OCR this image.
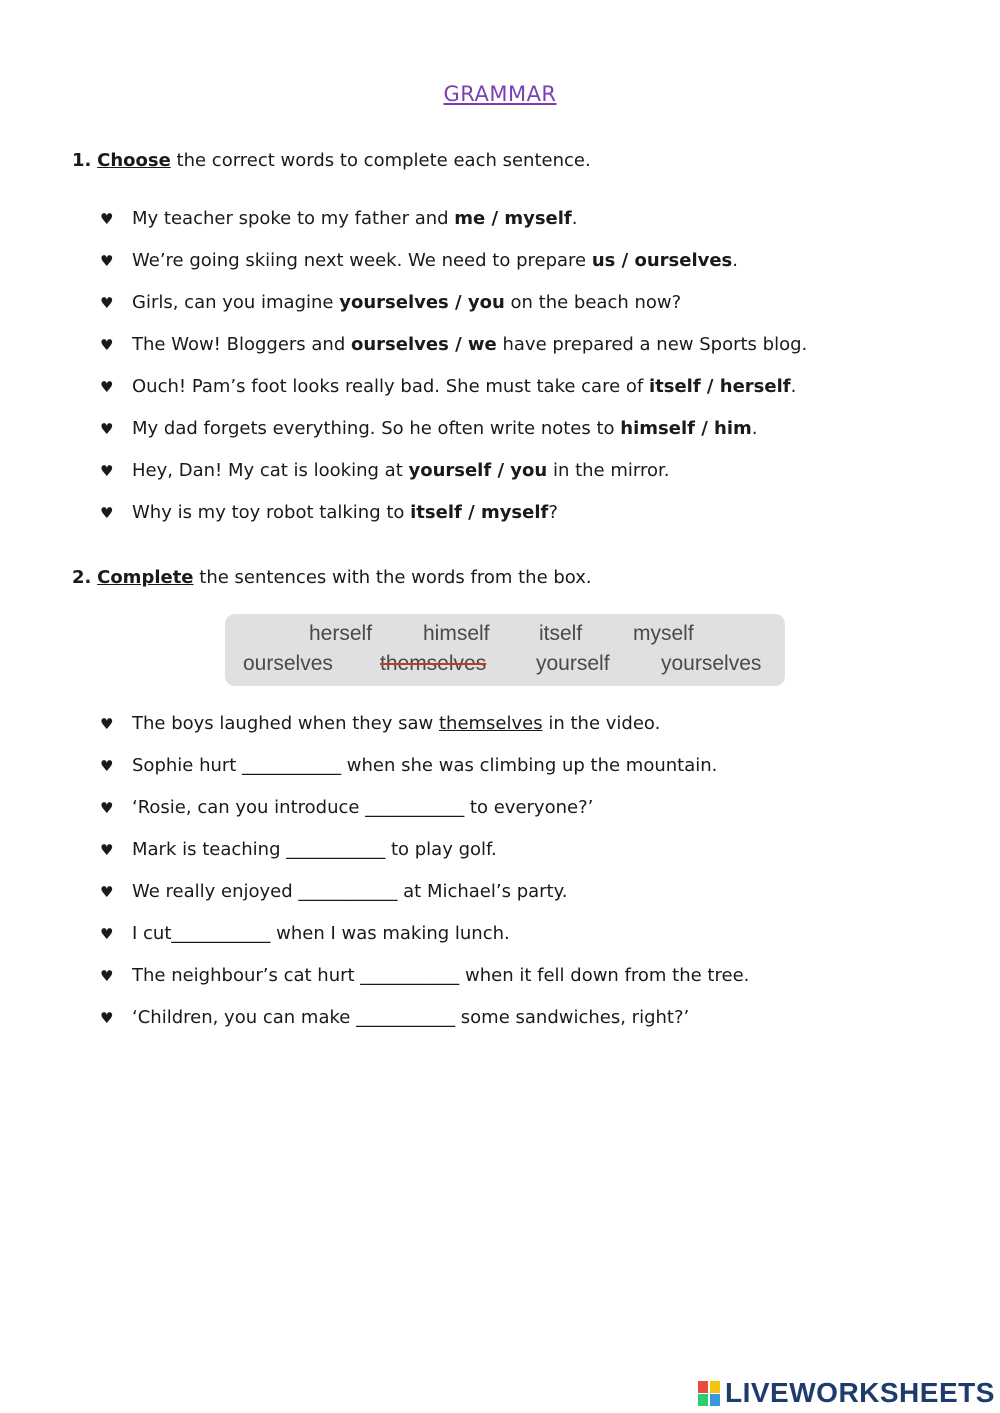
GRAMMAR
1. Choose the correct words to complete each sentence.
♥ My teacher spoke to my father and me / myself.
♥ We’re going skiing next week. We need to prepare us / ourselves.
♥ Girls, can you imagine yourselves / you on the beach now?
♥ The Wow! Bloggers and ourselves / we have prepared a new Sports blog.
♥ Ouch! Pam’s foot looks really bad. She must take care of itself / herself.
♥ My dad forgets everything. So he often write notes to himself / him.
♥ Hey, Dan! My cat is looking at yourself / you in the mirror.
♥ Why is my toy robot talking to itself / myself?
2. Complete the sentences with the words from the box.
herself himself itself myself
ourselves themselves yourself yourselves
♥ The boys laughed when they saw themselves in the video.
♥ Sophie hurt ___________ when she was climbing up the mountain.
♥ ‘Rosie, can you introduce ___________ to everyone?’
♥ Mark is teaching ___________ to play golf.
♥ We really enjoyed ___________ at Michael’s party.
♥ I cut___________ when I was making lunch.
♥ The neighbour’s cat hurt ___________ when it fell down from the tree.
♥ ‘Children, you can make ___________ some sandwiches, right?’
LIVEWORKSHEETS
